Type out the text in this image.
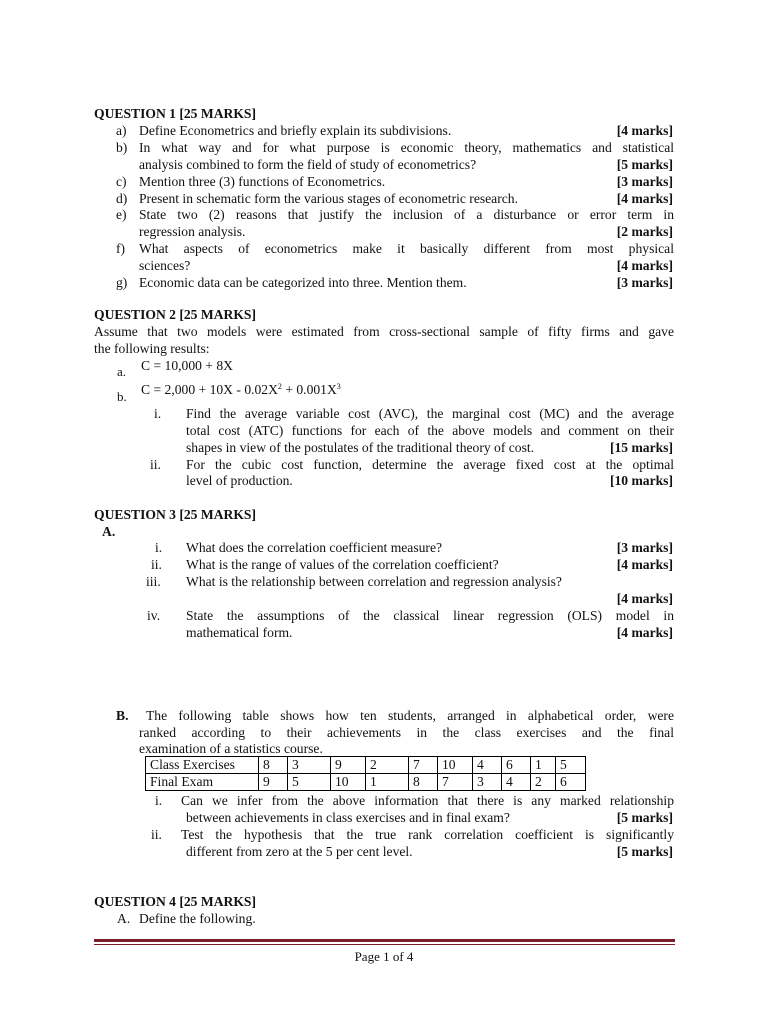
QUESTION 1 [25 MARKS]
a) Define Econometrics and briefly explain its subdivisions.	[4 marks]
b) In what way and for what purpose is economic theory, mathematics and statistical
analysis combined to form the field of study of econometrics?	[5 marks]
c) Mention three (3) functions of Econometrics.	[3 marks]
d) Present in schematic form the various stages of econometric research.	[4 marks]
e) State two (2) reasons that justify the inclusion of a disturbance or error term in
regression analysis.	[2 marks]
f) What aspects of econometrics make it basically different from most physical
sciences?	[4 marks]
g) Economic data can be categorized into three. Mention them.	[3 marks]
QUESTION 2 [25 MARKS]
Assume that two models were estimated from cross-sectional sample of fifty firms and gave
the following results:
a. C = 10,000 + 8X
b. $C = 2,000 + 10X - 0.02X^2 + 0.001X^3$
i. Find the average variable cost (AVC), the marginal cost (MC) and the average
total cost (ATC) functions for each of the above models and comment on their
shapes in view of the postulates of the traditional theory of cost.	[15 marks]
ii. For the cubic cost function, determine the average fixed cost at the optimal
level of production.	[10 marks]
QUESTION 3 [25 MARKS]
A.
i. What does the correlation coefficient measure?	[3 marks]
ii. What is the range of values of the correlation coefficient?	[4 marks]
iii. What is the relationship between correlation and regression analysis?
[4 marks]
iv. State the assumptions of the classical linear regression (OLS) model in
mathematical form.	[4 marks]
B. The following table shows how ten students, arranged in alphabetical order, were
ranked according to their achievements in the class exercises and the final
examination of a statistics course.
Class Exercises	8	3	9	2	7	10	4	6	1	5
Final Exam	9	5	10	1	8	7	3	4	2	6
i. Can we infer from the above information that there is any marked relationship
between achievements in class exercises and in final exam?	[5 marks]
ii. Test the hypothesis that the true rank correlation coefficient is significantly
different from zero at the 5 per cent level.	[5 marks]
QUESTION 4 [25 MARKS]
A. Define the following.
Page 1 of 4
